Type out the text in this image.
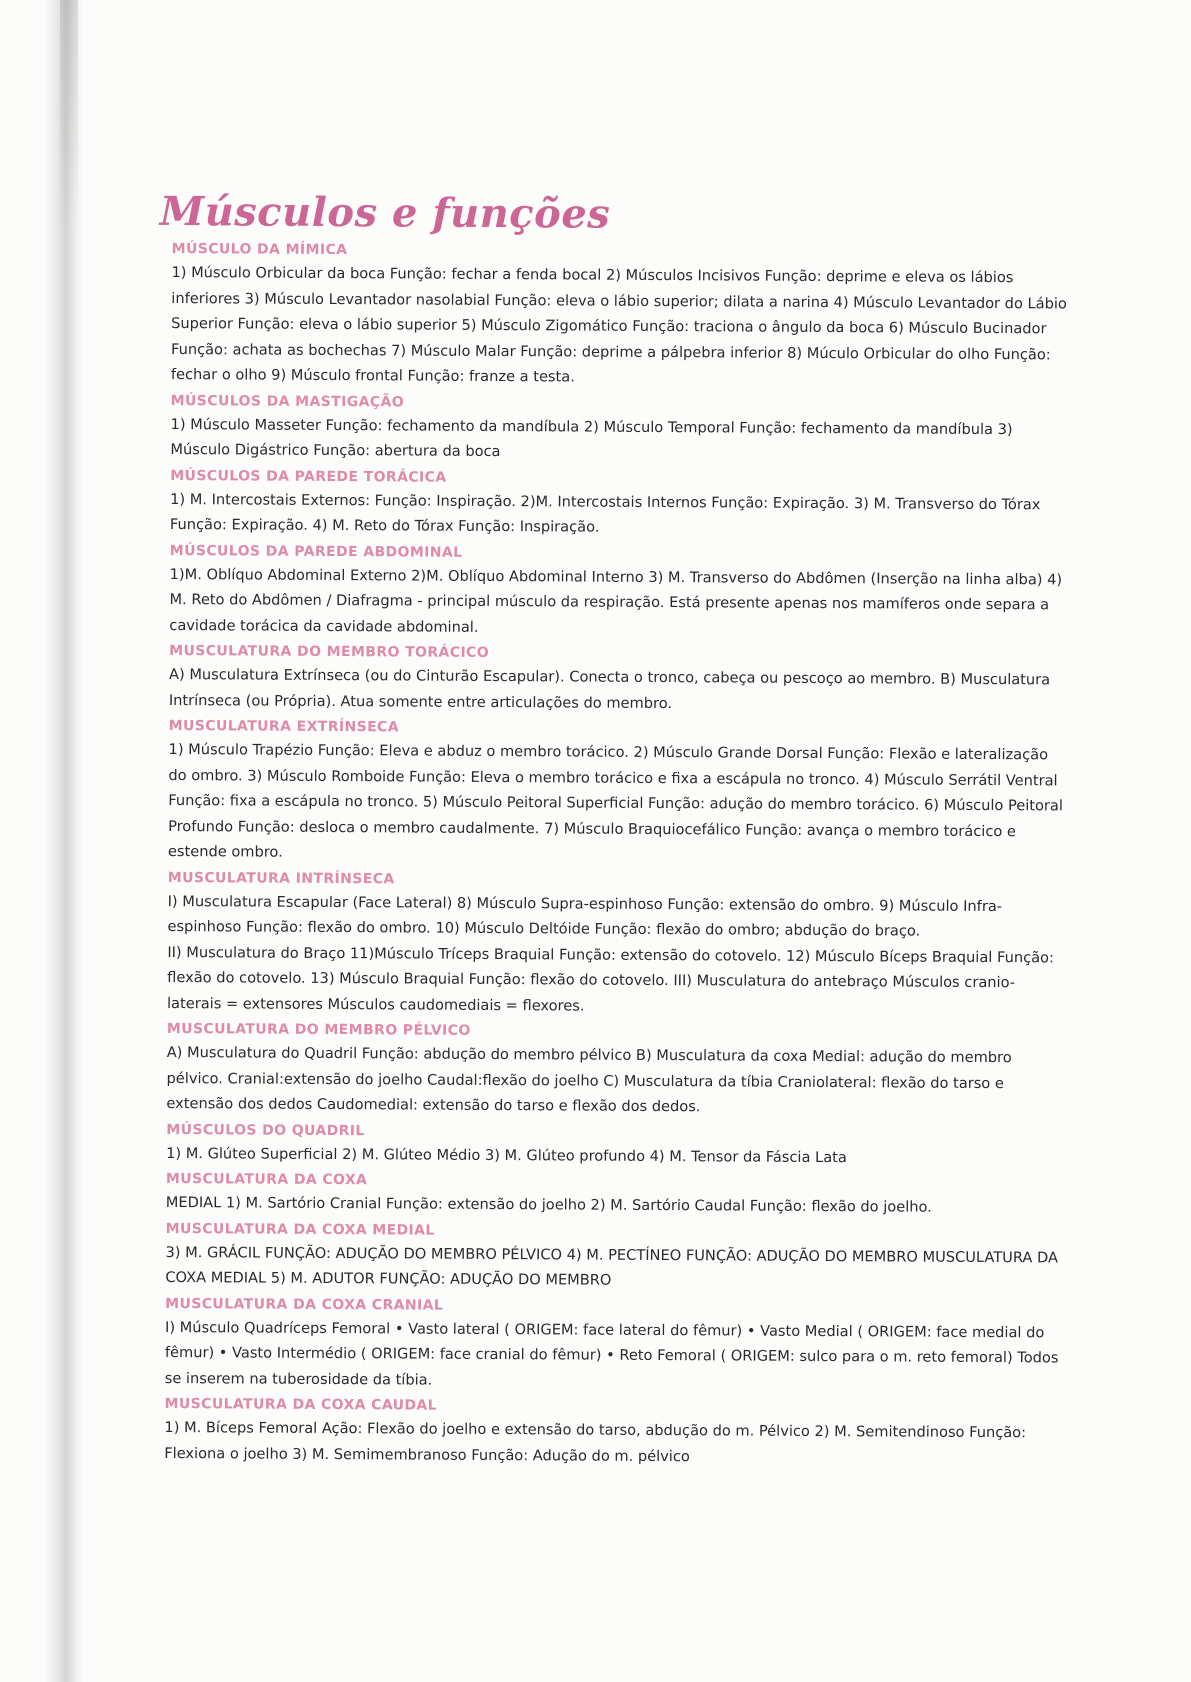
Músculos e funções
MÚSCULO DA MÍMICA

1) Músculo Orbicular da boca Função: fechar a fenda bocal 2) Músculos Incisivos Função: deprime e eleva os lábios inferiores 3) Músculo Levantador nasolabial Função: eleva o lábio superior; dilata a narina 4) Músculo Levantador do Lábio Superior Função: eleva o lábio superior 5) Músculo Zigomático Função: traciona o ângulo da boca 6) Músculo Bucinador Função: achata as bochechas 7) Músculo Malar Função: deprime a pálpebra inferior 8) Múculo Orbicular do olho Função: fechar o olho 9) Músculo frontal Função: franze a testa.

MÚSCULOS DA MASTIGAÇÃO

1) Músculo Masseter Função: fechamento da mandíbula 2) Músculo Temporal Função: fechamento da mandíbula 3) Músculo Digástrico Função: abertura da boca

MÚSCULOS DA PAREDE TORÁCICA

1) M. Intercostais Externos: Função: Inspiração. 2)M. Intercostais Internos Função: Expiração. 3) M. Transverso do Tórax Função: Expiração. 4) M. Reto do Tórax Função: Inspiração.

MÚSCULOS DA PAREDE ABDOMINAL

1)M. Oblíquo Abdominal Externo 2)M. Oblíquo Abdominal Interno 3) M. Transverso do Abdômen (Inserção na linha alba) 4) M. Reto do Abdômen / Diafragma - principal músculo da respiração. Está presente apenas nos mamíferos onde separa a cavidade torácica da cavidade abdominal.

MUSCULATURA DO MEMBRO TORÁCICO

A) Musculatura Extrínseca (ou do Cinturão Escapular). Conecta o tronco, cabeça ou pescoço ao membro. B) Musculatura Intrínseca (ou Própria). Atua somente entre articulações do membro.

MUSCULATURA EXTRÍNSECA

1) Músculo Trapézio Função: Eleva e abduz o membro torácico. 2) Músculo Grande Dorsal Função: Flexão e lateralização do ombro. 3) Músculo Romboide Função: Eleva o membro torácico e fixa a escápula no tronco. 4) Músculo Serrátil Ventral Função: fixa a escápula no tronco. 5) Músculo Peitoral Superficial Função: adução do membro torácico. 6) Músculo Peitoral Profundo Função: desloca o membro caudalmente. 7) Músculo Braquiocefálico Função: avança o membro torácico e estende ombro.

MUSCULATURA INTRÍNSECA

I) Musculatura Escapular (Face Lateral) 8) Músculo Supra-espinhoso Função: extensão do ombro. 9) Músculo Infra-espinhoso Função: flexão do ombro. 10) Músculo Deltóide Função: flexão do ombro; abdução do braço.

II) Musculatura do Braço 11)Músculo Tríceps Braquial Função: extensão do cotovelo. 12) Músculo Bíceps Braquial Função: flexão do cotovelo. 13) Músculo Braquial Função: flexão do cotovelo. III) Musculatura do antebraço Músculos cranio-laterais = extensores Músculos caudomediais = flexores.

MUSCULATURA DO MEMBRO PÉLVICO

A) Musculatura do Quadril Função: abdução do membro pélvico B) Musculatura da coxa Medial: adução do membro pélvico. Cranial:extensão do joelho Caudal:flexão do joelho C) Musculatura da tíbia Craniolateral: flexão do tarso e extensão dos dedos Caudomedial: extensão do tarso e flexão dos dedos.

MÚSCULOS DO QUADRIL

1) M. Glúteo Superficial 2) M. Glúteo Médio 3) M. Glúteo profundo 4) M. Tensor da Fáscia Lata

MUSCULATURA DA COXA

MEDIAL 1) M. Sartório Cranial Função: extensão do joelho 2) M. Sartório Caudal Função: flexão do joelho.

MUSCULATURA DA COXA MEDIAL

3) M. GRÁCIL FUNÇÃO: ADUÇÃO DO MEMBRO PÉLVICO 4) M. PECTÍNEO FUNÇÃO: ADUÇÃO DO MEMBRO MUSCULATURA DA COXA MEDIAL 5) M. ADUTOR FUNÇÃO: ADUÇÃO DO MEMBRO

MUSCULATURA DA COXA CRANIAL

I) Músculo Quadríceps Femoral • Vasto lateral ( ORIGEM: face lateral do fêmur) • Vasto Medial ( ORIGEM: face medial do fêmur) • Vasto Intermédio ( ORIGEM: face cranial do fêmur) • Reto Femoral ( ORIGEM: sulco para o m. reto femoral) Todos se inserem na tuberosidade da tíbia.

MUSCULATURA DA COXA CAUDAL

1) M. Bíceps Femoral Ação: Flexão do joelho e extensão do tarso, abdução do m. Pélvico 2) M. Semitendinoso Função: Flexiona o joelho 3) M. Semimembranoso Função: Adução do m. pélvico
